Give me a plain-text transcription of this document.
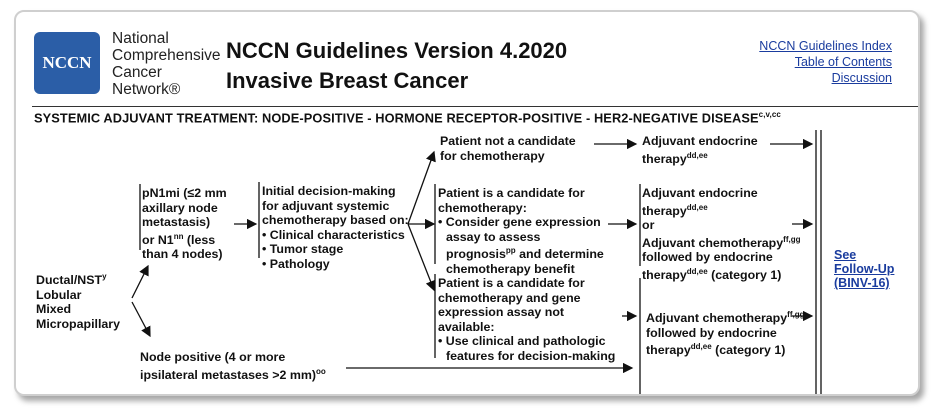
NCCN
National
Comprehensive
Cancer
Network®
NCCN Guidelines Version 4.2020
Invasive Breast Cancer
NCCN Guidelines Index
Table of Contents
Discussion
SYSTEMIC ADJUVANT TREATMENT: NODE-POSITIVE - HORMONE RECEPTOR-POSITIVE - HER2-NEGATIVE $DISEASE^{c,v,cc}$
Ductal/NST$^y$
Lobular
Mixed
Micropapillary
pN1mi (≤2 mm
axillary node
metastasis)
or $N1^{nn}$ (less
than 4 nodes)
Node positive (4 or more
ipsilateral metastases >2 mm)$^{oo}$
Initial decision-making
for adjuvant systemic
chemotherapy based on:
• Clinical characteristics
• Tumor stage
• Pathology
Patient not a candidate
for chemotherapy
Patient is a candidate for
chemotherapy:
• Consider gene expression
assay to assess
prognosis$^{pp}$ and determine
chemotherapy benefit
Patient is a candidate for
chemotherapy and gene
expression assay not
available:
• Use clinical and pathologic
features for decision-making
Adjuvant endocrine
therapy$^{dd,ee}$
Adjuvant endocrine
therapy$^{dd,ee}$
or
Adjuvant chemotherapy$^{ff,gg}$
followed by endocrine
therapy$^{dd,ee}$ (category 1)
Adjuvant chemotherapy$^{ff,gg}$
followed by endocrine
therapy$^{dd,ee}$ (category 1)
See
Follow-Up
(BINV-16)
